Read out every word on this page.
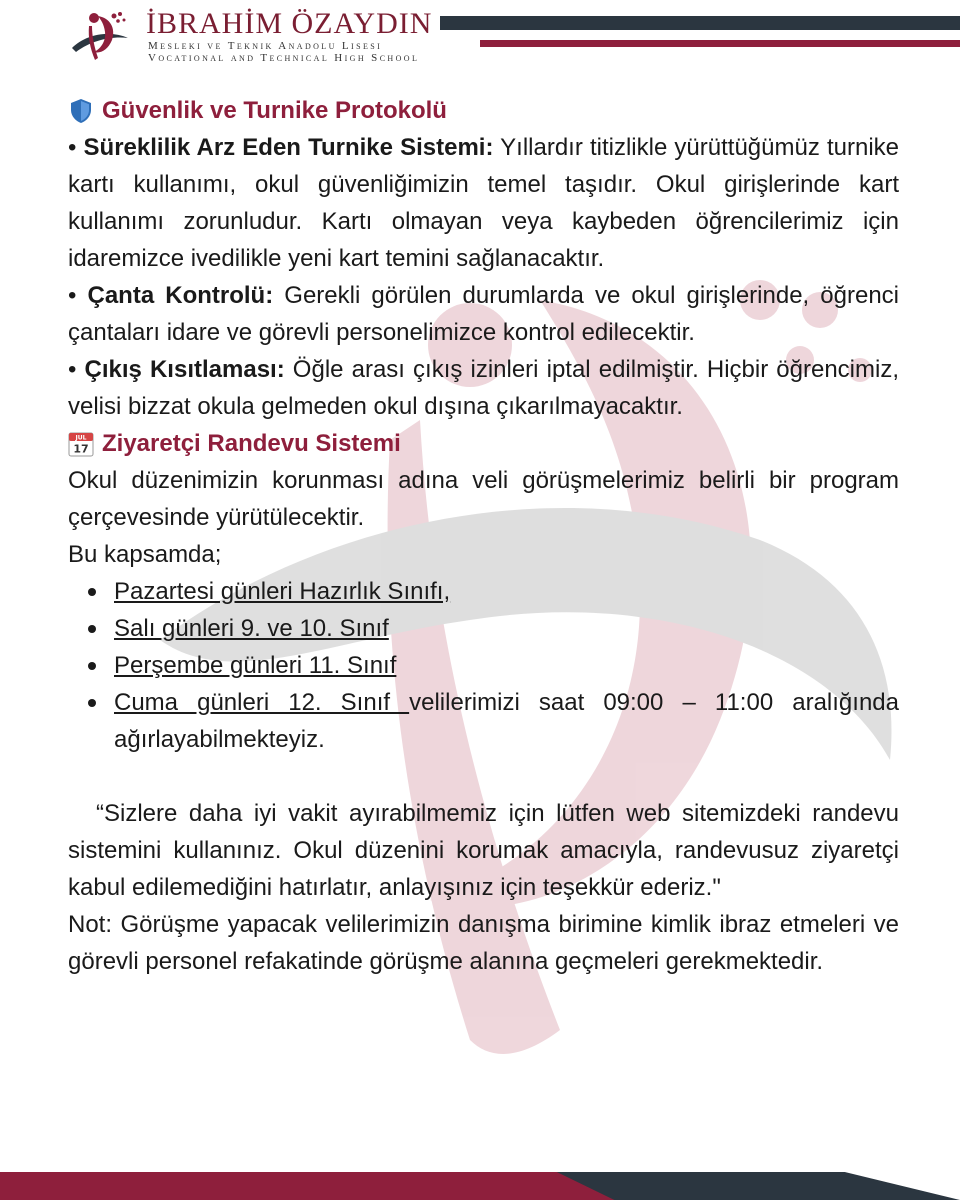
İBRAHİM ÖZAYDIN
Mesleki ve Teknik Anadolu Lisesi
Vocational and Technical High School

Güvenlik ve Turnike Protokolü

• Süreklilik Arz Eden Turnike Sistemi: Yıllardır titizlikle yürüttüğümüz turnike kartı kullanımı, okul güvenliğimizin temel taşıdır. Okul girişlerinde kart kullanımı zorunludur. Kartı olmayan veya kaybeden öğrencilerimiz için idaremizce ivedilikle yeni kart temini sağlanacaktır.

• Çanta Kontrolü: Gerekli görülen durumlarda ve okul girişlerinde, öğrenci çantaları idare ve görevli personelimizce kontrol edilecektir.

• Çıkış Kısıtlaması: Öğle arası çıkış izinleri iptal edilmiştir. Hiçbir öğrencimiz, velisi bizzat okula gelmeden okul dışına çıkarılmayacaktır.

JUL
17 Ziyaretçi Randevu Sistemi

Okul düzenimizin korunması adına veli görüşmelerimiz belirli bir program çerçevesinde yürütülecektir.

Bu kapsamda;

Pazartesi günleri Hazırlık Sınıfı,
Salı günleri 9. ve 10. Sınıf
Perşembe günleri 11. Sınıf
Cuma günleri 12. Sınıf velilerimizi saat 09:00 – 11:00 aralığında ağırlayabilmekteyiz.

“Sizlere daha iyi vakit ayırabilmemiz için lütfen web sitemizdeki randevu sistemini kullanınız. Okul düzenini korumak amacıyla, randevusuz ziyaretçi kabul edilemediğini hatırlatır, anlayışınız için teşekkür ederiz."

Not: Görüşme yapacak velilerimizin danışma birimine kimlik ibraz etmeleri ve görevli personel refakatinde görüşme alanına geçmeleri gerekmektedir.
